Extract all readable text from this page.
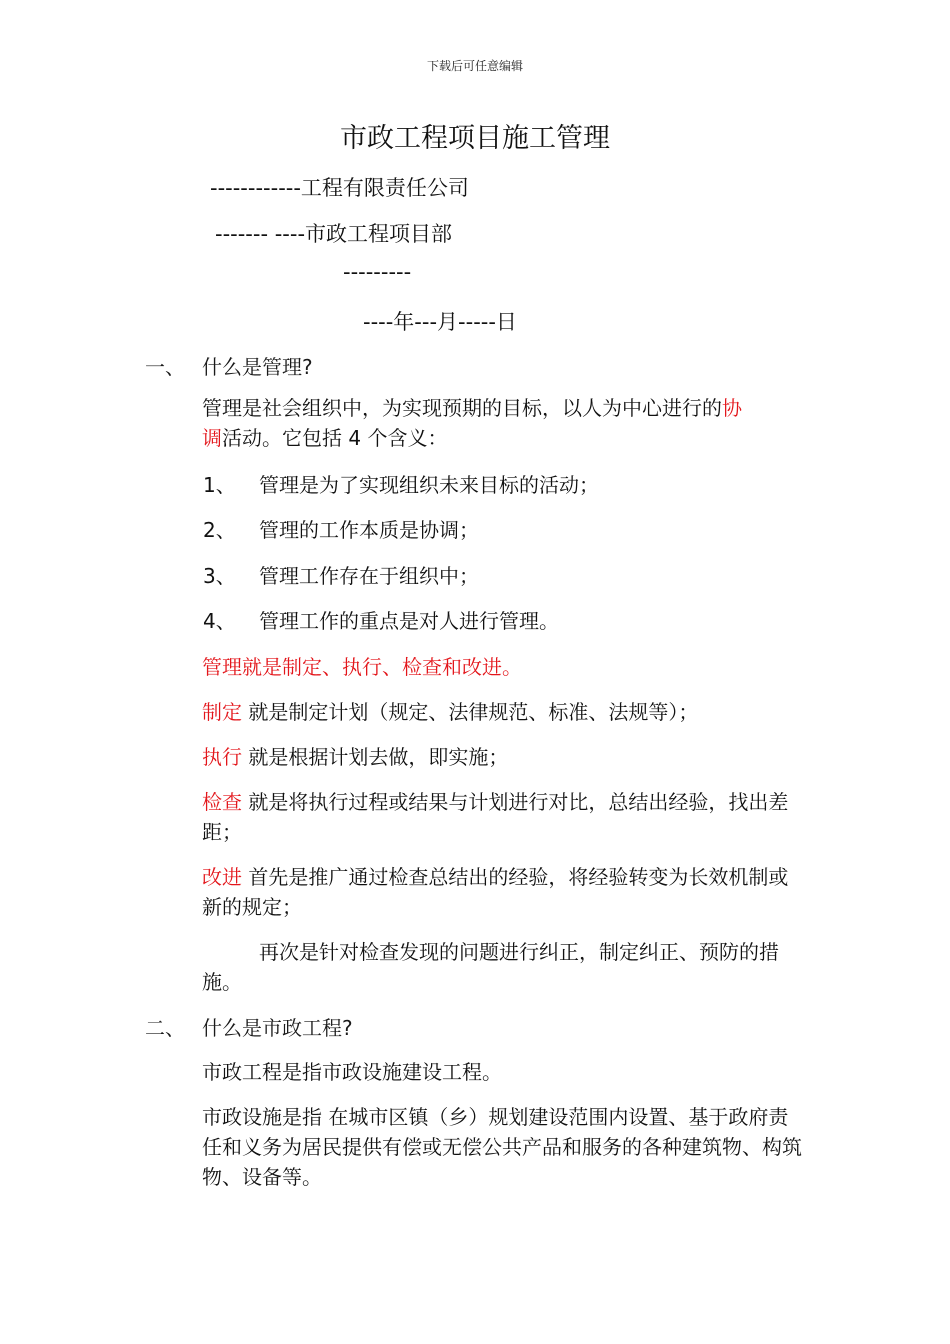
下载后可任意编辑
市政工程项目施工管理
------------工程有限责任公司
------- ----市政工程项目部
---------
----年---月-----日
一、 什么是管理?
管理是社会组织中，为实现预期的目标，以人为中心进行的协
调活动。它包括 4 个含义：
1、 管理是为了实现组织未来目标的活动；
2、 管理的工作本质是协调；
3、 管理工作存在于组织中；
4、 管理工作的重点是对人进行管理。
管理就是制定、执行、检查和改进。
制定 就是制定计划（规定、法律规范、标准、法规等）；
执行 就是根据计划去做，即实施；
检查 就是将执行过程或结果与计划进行对比，总结出经验，找出差距；
改进 首先是推广通过检查总结出的经验，将经验转变为长效机制或新的规定；
再次是针对检查发现的问题进行纠正，制定纠正、预防的措施。
二、 什么是市政工程?
市政工程是指市政设施建设工程。
市政设施是指 在城市区镇（乡）规划建设范围内设置、基于政府责任和义务为居民提供有偿或无偿公共产品和服务的各种建筑物、构筑物、设备等。
